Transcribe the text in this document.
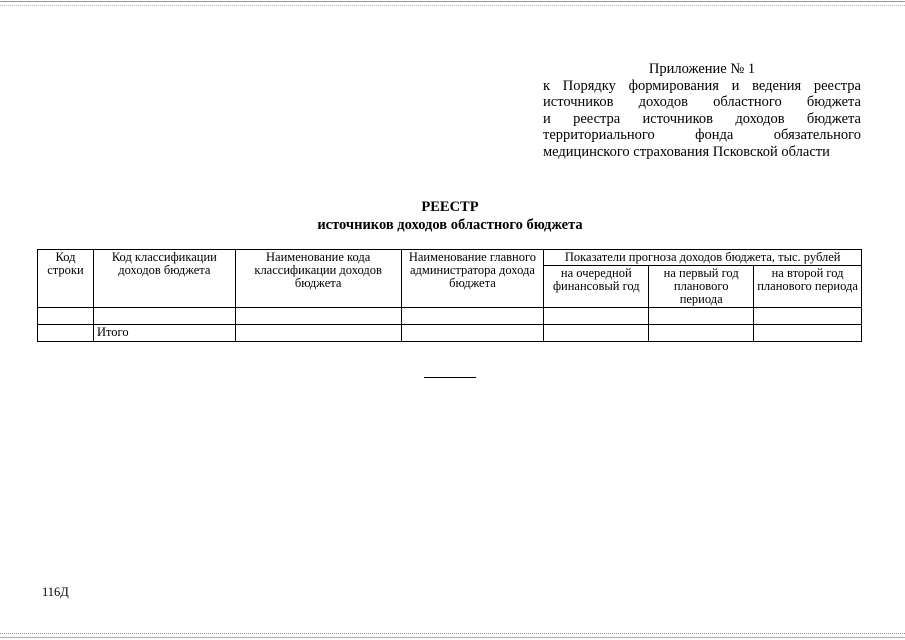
Приложение № 1
к Порядку формирования и ведения реестра
источников доходов областного бюджета
и реестра источников доходов бюджета
территориального фонда обязательного
медицинского страхования Псковской области
РЕЕСТР
источников доходов областного бюджета
Код строки	Код классификации доходов бюджета	Наименование кода классификации доходов бюджета	Наименование главного администратора дохода бюджета	Показатели прогноза доходов бюджета, тыс. рублей		
				на очередной финансовый год	на первый год планового периода	на второй год планового периода

	Итого					
116Д
